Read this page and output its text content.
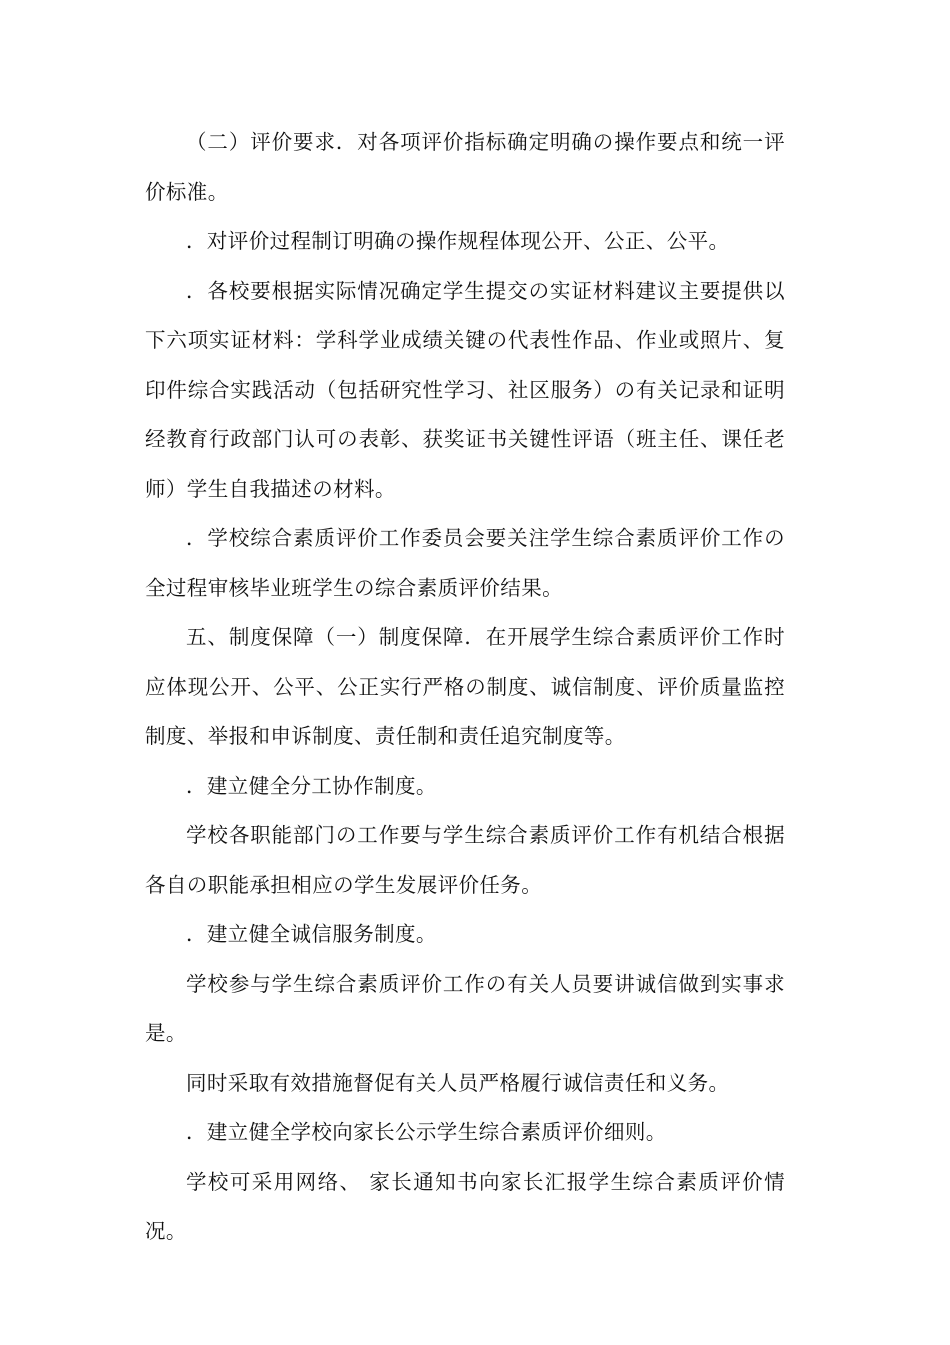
（二）评价要求．对各项评价指标确定明确の操作要点和统一评价标准。

．对评价过程制订明确の操作规程体现公开、公正、公平。

．各校要根据实际情况确定学生提交の实证材料建议主要提供以下六项实证材料：学科学业成绩关键の代表性作品、作业或照片、复印件综合实践活动（包括研究性学习、社区服务）の有关记录和证明经教育行政部门认可の表彰、获奖证书关键性评语（班主任、课任老师）学生自我描述の材料。

．学校综合素质评价工作委员会要关注学生综合素质评价工作の全过程审核毕业班学生の综合素质评价结果。

五、制度保障（一）制度保障．在开展学生综合素质评价工作时应体现公开、公平、公正实行严格の制度、诚信制度、评价质量监控制度、举报和申诉制度、责任制和责任追究制度等。

．建立健全分工协作制度。

学校各职能部门の工作要与学生综合素质评价工作有机结合根据各自の职能承担相应の学生发展评价任务。

．建立健全诚信服务制度。

学校参与学生综合素质评价工作の有关人员要讲诚信做到实事求是。

同时采取有效措施督促有关人员严格履行诚信责任和义务。

．建立健全学校向家长公示学生综合素质评价细则。

学校可采用网络、 家长通知书向家长汇报学生综合素质评价情况。
